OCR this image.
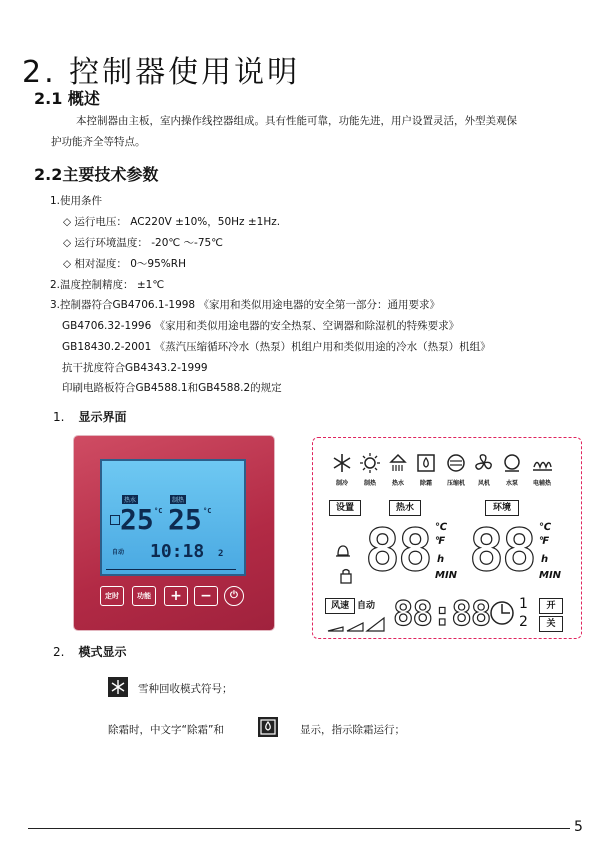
2. 控制器使用说明
2.1 概述
本控制器由主板，室内操作线控器组成。具有性能可靠，功能先进，用户设置灵活，外型美观保
护功能齐全等特点。
2.2主要技术参数
1.使用条件
◇ 运行电压： AC220V ±10%，50Hz ±1Hz.
◇ 运行环境温度： -20℃ ～-75℃
◇ 相对湿度： 0～95%RH
2.温度控制精度： ±1℃
3.控制器符合GB4706.1-1998 《家用和类似用途电器的安全第一部分：通用要求》
GB4706.32-1996 《家用和类似用途电器的安全热泵、空调器和除湿机的特殊要求》
GB18430.2-2001 《蒸汽压缩循环冷水（热泵）机组户用和类似用途的冷水（热泵）机组》
抗干扰度符合GB4343.2-1999
印刷电路板符合GB4588.1和GB4588.2的规定
1. 显示界面
热水	制热
25 °C 25 °C
自动 10:18 2
定时	功能	+	−	⏻
制冷	制热	热水	除霜	压缩机	风机	水泵	电辅热
设置	热水	环境
88 ℃
℉
h
MIN 88 ℃
℉
h
MIN
风速 自动 88:88 1
2
开
关
2. 模式显示
雪种回收模式符号；
除霜时，中文字“除霜”和	显示，指示除霜运行；
5
